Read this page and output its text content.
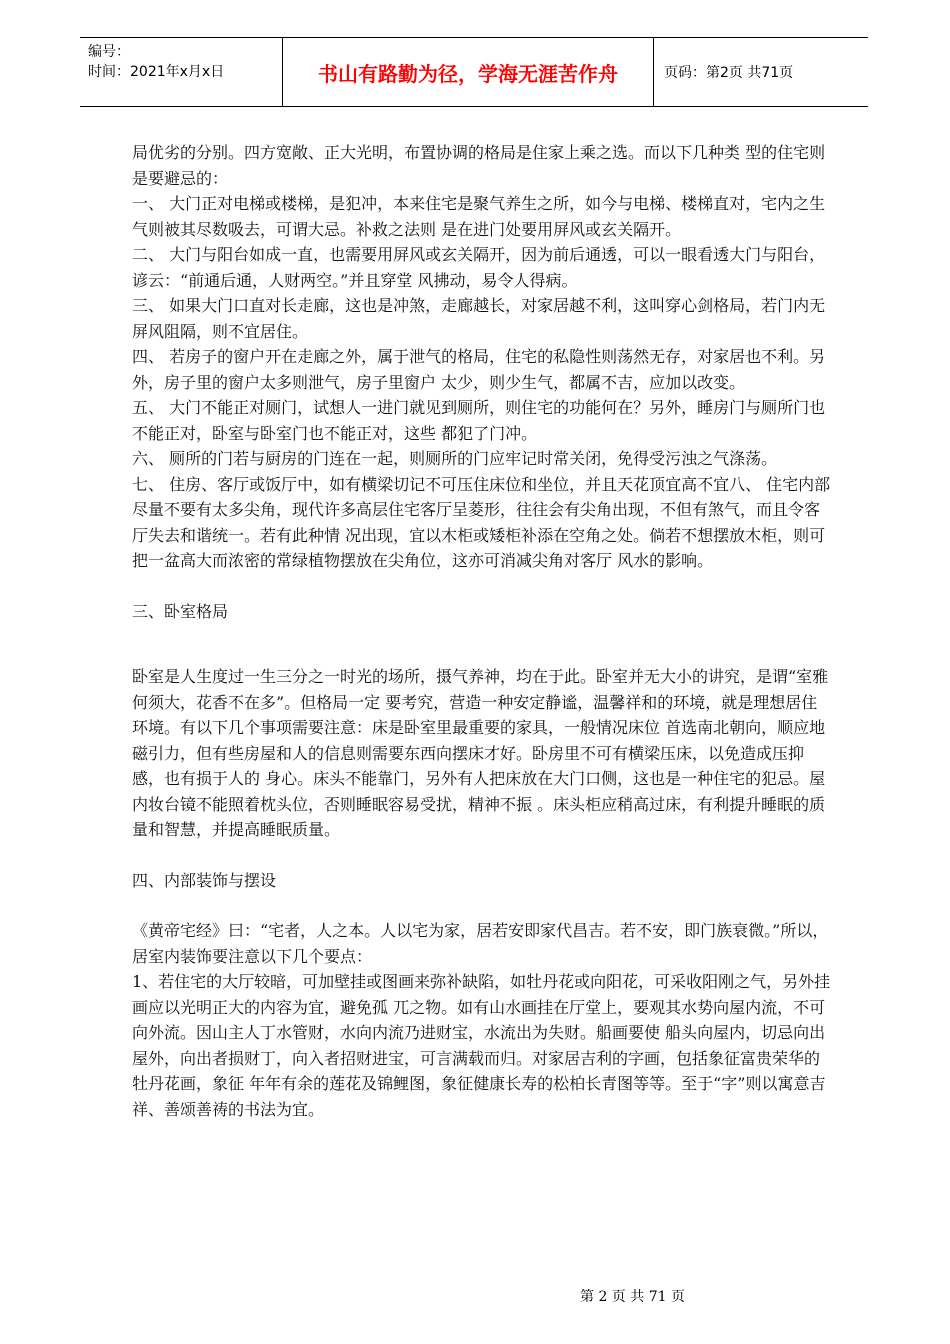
编号：
时间：2021年x月x日	书山有路勤为径，学海无涯苦作舟	页码：第2页 共71页

局优劣的分别。四方宽敞、正大光明，布置协调的格局是住家上乘之选。而以下几种类 型的住宅则是要避忌的：

一、 大门正对电梯或楼梯，是犯冲，本来住宅是聚气养生之所，如今与电梯、楼梯直对，宅内之生气则被其尽数吸去，可谓大忌。补救之法则 是在进门处要用屏风或玄关隔开。

二、 大门与阳台如成一直，也需要用屏风或玄关隔开，因为前后通透，可以一眼看透大门与阳台，谚云：“前通后通，人财两空。”并且穿堂 风拂动，易令人得病。

三、 如果大门口直对长走廊，这也是冲煞，走廊越长，对家居越不利，这叫穿心剑格局，若门内无屏风阻隔，则不宜居住。

四、 若房子的窗户开在走廊之外，属于泄气的格局，住宅的私隐性则荡然无存，对家居也不利。另外，房子里的窗户太多则泄气，房子里窗户 太少，则少生气，都属不吉，应加以改变。

五、 大门不能正对厕门，试想人一进门就见到厕所，则住宅的功能何在？另外，睡房门与厕所门也不能正对，卧室与卧室门也不能正对，这些 都犯了门冲。

六、 厕所的门若与厨房的门连在一起，则厕所的门应牢记时常关闭，免得受污浊之气涤荡。

七、 住房、客厅或饭厅中，如有横梁切记不可压住床位和坐位，并且天花顶宜高不宜八、 住宅内部尽量不要有太多尖角，现代许多高层住宅客厅呈菱形，往往会有尖角出现，不但有煞气，而且令客厅失去和谐统一。若有此种情 况出现，宜以木柜或矮柜补添在空角之处。倘若不想摆放木柜，则可把一盆高大而浓密的常绿植物摆放在尖角位，这亦可消减尖角对客厅 风水的影响。

三、卧室格局

卧室是人生度过一生三分之一时光的场所，摄气养神，均在于此。卧室并无大小的讲究，是谓“室雅何须大，花香不在多”。但格局一定 要考究，营造一种安定静谧，温馨祥和的环境，就是理想居住环境。有以下几个事项需要注意：床是卧室里最重要的家具，一般情况床位 首选南北朝向，顺应地磁引力，但有些房屋和人的信息则需要东西向摆床才好。卧房里不可有横梁压床，以免造成压抑感，也有损于人的 身心。床头不能靠门，另外有人把床放在大门口侧，这也是一种住宅的犯忌。屋内妆台镜不能照着枕头位，否则睡眠容易受扰，精神不振 。床头柜应稍高过床，有利提升睡眠的质量和智慧，并提高睡眠质量。

四、内部装饰与摆设

《黄帝宅经》曰：“宅者，人之本。人以宅为家，居若安即家代昌吉。若不安，即门族衰微。”所以，居室内装饰要注意以下几个要点：

1、若住宅的大厅较暗，可加壁挂或图画来弥补缺陷，如牡丹花或向阳花，可采收阳刚之气，另外挂画应以光明正大的内容为宜，避免孤 兀之物。如有山水画挂在厅堂上，要观其水势向屋内流，不可向外流。因山主人丁水管财，水向内流乃进财宝，水流出为失财。船画要使 船头向屋内，切忌向出屋外，向出者损财丁，向入者招财进宝，可言满载而归。对家居吉利的字画，包括象征富贵荣华的牡丹花画，象征 年年有余的莲花及锦鲤图，象征健康长寿的松柏长青图等等。至于“字”则以寓意吉祥、善颂善祷的书法为宜。

第 2 页 共 71 页
